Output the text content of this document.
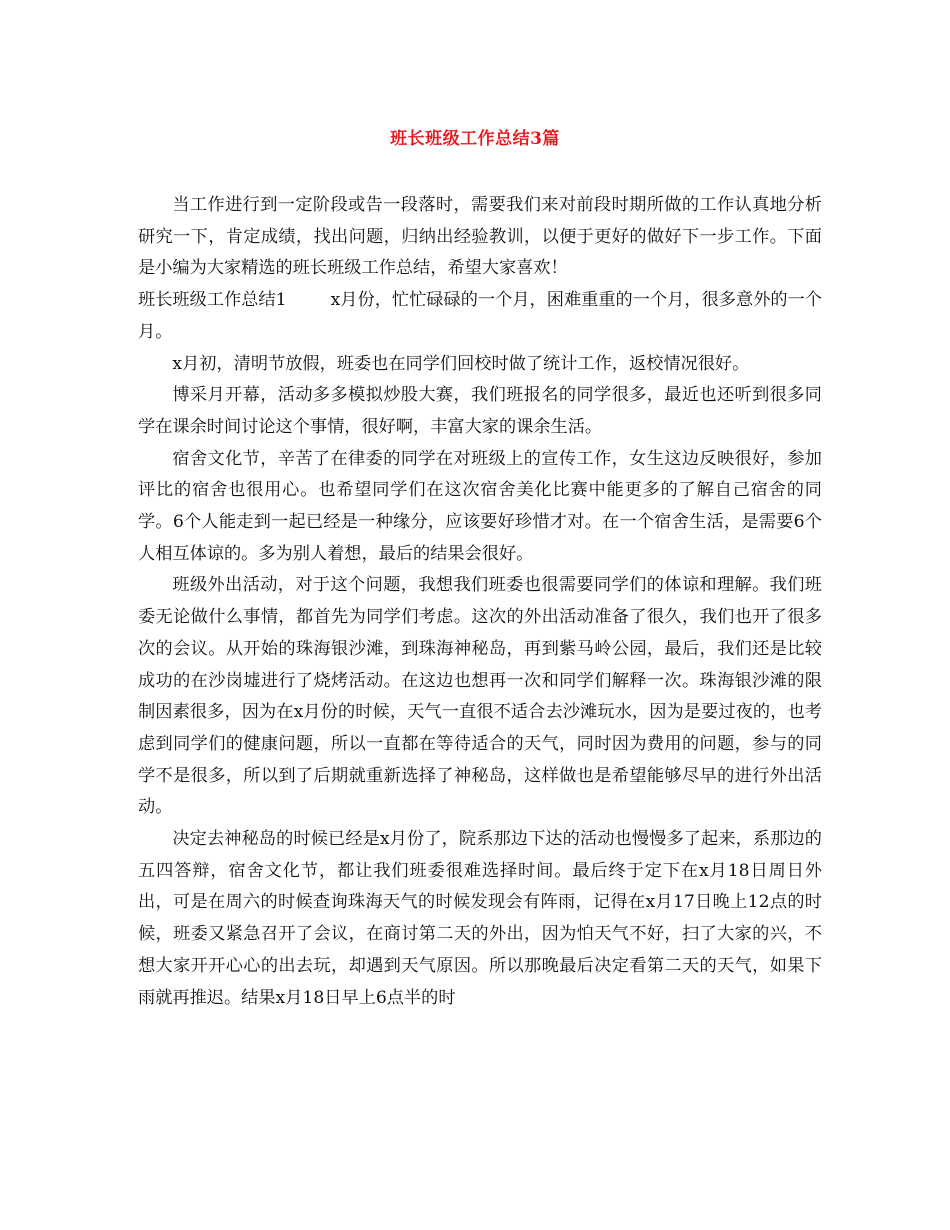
班长班级工作总结3篇

当工作进行到一定阶段或告一段落时，需要我们来对前段时期所做的工作认真地分析研究一下，肯定成绩，找出问题，归纳出经验教训，以便于更好的做好下一步工作。下面是小编为大家精选的班长班级工作总结，希望大家喜欢！

班长班级工作总结1	x月份，忙忙碌碌的一个月，困难重重的一个月，很多意外的一个月。

x月初，清明节放假，班委也在同学们回校时做了统计工作，返校情况很好。

博采月开幕，活动多多模拟炒股大赛，我们班报名的同学很多，最近也还听到很多同学在课余时间讨论这个事情，很好啊，丰富大家的课余生活。

宿舍文化节，辛苦了在律委的同学在对班级上的宣传工作，女生这边反映很好，参加评比的宿舍也很用心。也希望同学们在这次宿舍美化比赛中能更多的了解自己宿舍的同学。6个人能走到一起已经是一种缘分，应该要好珍惜才对。在一个宿舍生活，是需要6个人相互体谅的。多为别人着想，最后的结果会很好。

班级外出活动，对于这个问题，我想我们班委也很需要同学们的体谅和理解。我们班委无论做什么事情，都首先为同学们考虑。这次的外出活动准备了很久，我们也开了很多次的会议。从开始的珠海银沙滩，到珠海神秘岛，再到紫马岭公园，最后，我们还是比较成功的在沙岗墟进行了烧烤活动。在这边也想再一次和同学们解释一次。珠海银沙滩的限制因素很多，因为在x月份的时候，天气一直很不适合去沙滩玩水，因为是要过夜的，也考虑到同学们的健康问题，所以一直都在等待适合的天气，同时因为费用的问题，参与的同学不是很多，所以到了后期就重新选择了神秘岛，这样做也是希望能够尽早的进行外出活动。

决定去神秘岛的时候已经是x月份了，院系那边下达的活动也慢慢多了起来，系那边的五四答辩，宿舍文化节，都让我们班委很难选择时间。最后终于定下在x月18日周日外出，可是在周六的时候查询珠海天气的时候发现会有阵雨，记得在x月17日晚上12点的时候，班委又紧急召开了会议，在商讨第二天的外出，因为怕天气不好，扫了大家的兴，不想大家开开心心的出去玩，却遇到天气原因。所以那晚最后决定看第二天的天气，如果下雨就再推迟。结果x月18日早上6点半的时
